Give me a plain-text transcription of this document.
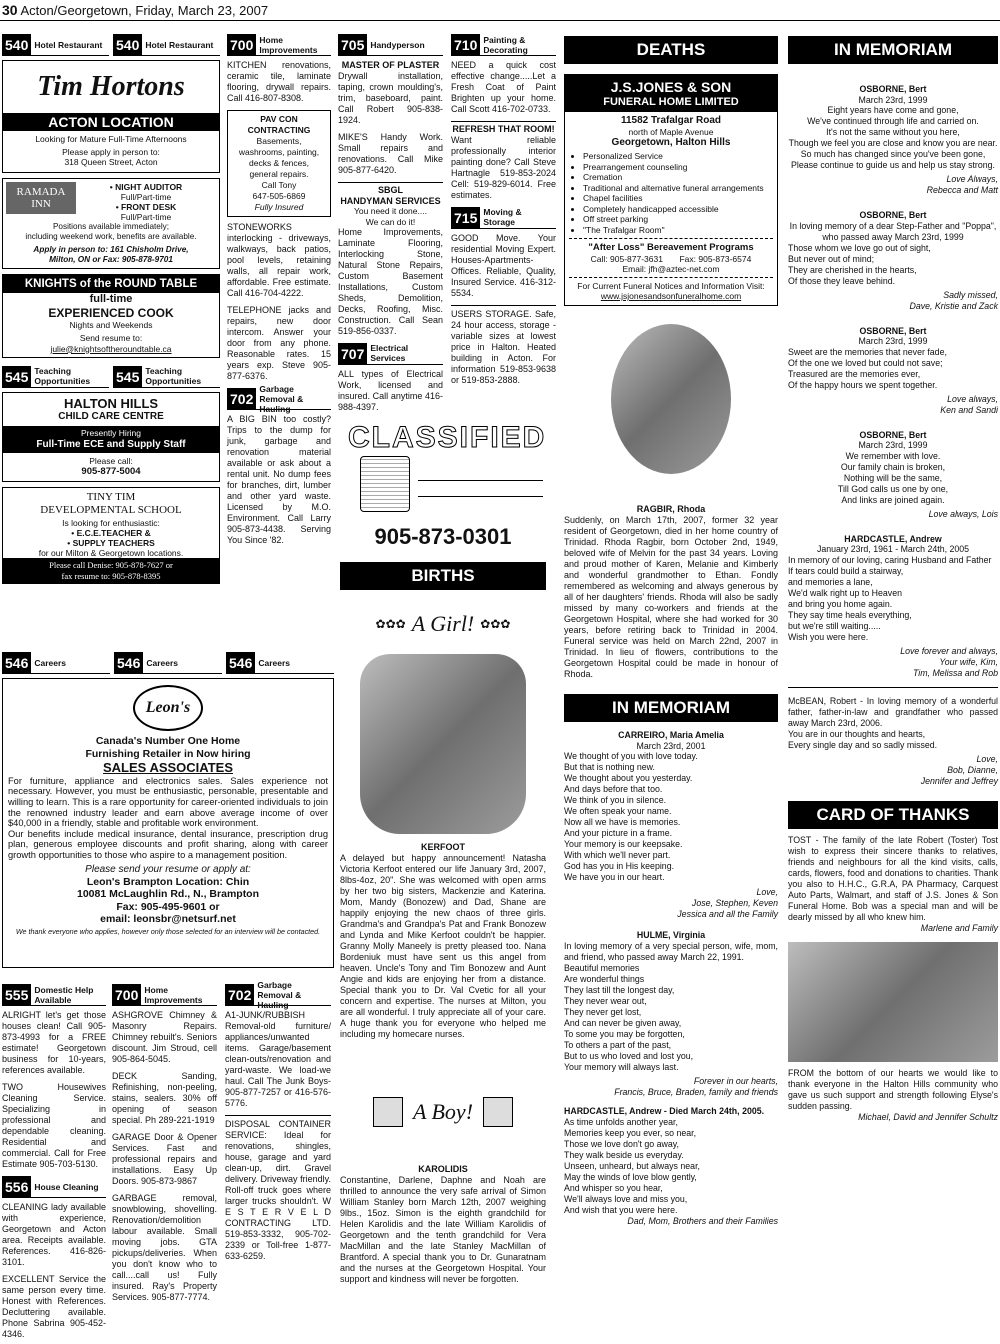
30 Acton/Georgetown, Friday, March 23, 2007
540 Hotel Restaurant 540 Hotel Restaurant
Tim Hortons
ACTON LOCATION
Looking for Mature Full-Time Afternoons
Please apply in person to:
318 Queen Street, Acton
RAMADA INN
• NIGHT AUDITOR
Full/Part-time
• FRONT DESK
Full/Part-time
Positions available immediately;
including weekend work, benefits are available.
Apply in person to: 161 Chisholm Drive,
Milton, ON or Fax: 905-878-9701
KNIGHTS of the ROUND TABLE
full-time
EXPERIENCED COOK
Nights and Weekends
Send resume to:
julie@knightsoftheroundtable.ca
545 Teaching Opportunities	545 Teaching Opportunities
HALTON HILLS
CHILD CARE CENTRE
Presently Hiring
Full-Time ECE and Supply Staff
Please call:
905-877-5004
TINY TIM
DEVELOPMENTAL SCHOOL
Is looking for enthusiastic:
• E.C.E.TEACHER &
• SUPPLY TEACHERS
for our Milton & Georgetown locations.
Please call Denise: 905-878-7627 or
fax resume to: 905-878-8395
700 Home Improvements

KITCHEN renovations, ceramic tile, laminate flooring, drywall repairs. Call 416-807-8308.

PAV CON
CONTRACTING
Basements,
washrooms, painting,
decks & fences,
general repairs.
Call Tony
647-505-6869
Fully Insured

STONEWORKS interlocking - driveways, walkways, back patios, pool levels, retaining walls, all repair work, affordable. Free estimate. Call 416-704-4222.

TELEPHONE jacks and repairs, new door intercom. Answer your door from any phone. Reasonable rates. 15 years exp. Steve 905-877-6376.

702
Garbage Removal & Hauling

A BIG BIN too costly? Trips to the dump for junk, garbage and renovation material available or ask about a rental unit. No dump fees for branches, dirt, lumber and other yard waste. Licensed by M.O. Environment. Call Larry 905-873-4438. Serving You Since '82.

705 Handyperson
MASTER OF PLASTER

Drywall installation, taping, crown moulding's, trim, baseboard, paint. Call Robert 905-838-1924.

MIKE'S Handy Work. Small repairs and renovations. Call Mike 905-877-6420.

SBGL
HANDYMAN SERVICES
You need it done....
We can do it!

Home Improvements, Laminate Flooring, Interlocking Stone, Natural Stone Repairs, Custom Basement Installations, Custom Sheds, Demolition, Decks, Roofing, Misc. Construction. Call Sean 519-856-0337.

707 Electrical Services

ALL types of Electrical Work, licensed and insured. Call anytime 416-988-4397.

710 Painting & Decorating

NEED a quick cost effective change.....Let a Fresh Coat of Paint Brighten up your home. Call Scott 416-702-0733.

REFRESH THAT ROOM!

Want reliable professionally interior painting done? Call Steve Hartnagle 519-853-2024 Cell: 519-829-6014. Free estimates.

715 Moving & Storage

GOOD Move. Your residential Moving Expert. Houses-Apartments- Offices. Reliable, Quality, Insured Service. 416-312-5534.

USERS STORAGE. Safe, 24 hour access, storage - variable sizes at lowest price in Halton. Heated building in Acton. For information 519-853-9638 or 519-853-2888.

CLASSIFIED
905-873-0301
BIRTHS
✿✿✿ A Girl! ✿✿✿
KERFOOT

A delayed but happy announcement! Natasha Victoria Kerfoot entered our life January 3rd, 2007, 8lbs-4oz, 20". She was welcomed with open arms by her two big sisters, Mackenzie and Katerina. Mom, Mandy (Bonozew) and Dad, Shane are happily enjoying the new chaos of three girls. Grandma's and Grandpa's Pat and Frank Bonozew and Lynda and Mike Kerfoot couldn't be happier. Granny Molly Maneely is pretty pleased too. Nana Bordeniuk must have sent us this angel from heaven. Uncle's Tony and Tim Bonozew and Aunt Angie and kids are enjoying her from a distance. Special thank you to Dr. Val Cvetic for all your concern and expertise. The nurses at Milton, you are all wonderful. I truly appreciate all of your care. A huge thank you for everyone who helped me including my homecare nurses.

A Boy!
KAROLIDIS

Constantine, Darlene, Daphne and Noah are thrilled to announce the very safe arrival of Simon William Stanley born March 12th, 2007 weighing 9lbs., 15oz. Simon is the eighth grandchild for Helen Karolidis and the late William Karolidis of Georgetown and the tenth grandchild for Vera MacMillan and the late Stanley MacMillan of Brantford. A special thank you to Dr. Gunaratnam and the nurses at the Georgetown Hospital. Your support and kindness will never be forgotten.

546 Careers	546 Careers	546 Careers
Leon's
Canada's Number One Home
Furnishing Retailer in Now hiring
SALES ASSOCIATES

For furniture, appliance and electronics sales. Sales experience not necessary. However, you must be enthusiastic, personable, presentable and willing to learn. This is a rare opportunity for career-oriented individuals to join the renowned industry leader and earn above average income of over $40,000 in a friendly, stable and profitable work environment.

Our benefits include medical insurance, dental insurance, prescription drug plan, generous employee discounts and profit sharing, along with career growth opportunities to those who aspire to a management position.

Please send your resume or apply at:
Leon's Brampton Location: Chin
10081 McLaughlin Rd., N., Brampton
Fax: 905-495-9601 or
email: leonsbr@netsurf.net
We thank everyone who applies, however only those selected for an interview will be contacted.
555 Domestic Help Available

ALRIGHT let's get those houses clean! Call 905-873-4993 for a FREE estimate! Georgetown business for 10-years, references available.

TWO Housewives Cleaning Service. Specializing in professional and dependable cleaning. Residential and commercial. Call for Free Estimate 905-703-5130.

556 House Cleaning

CLEANING lady available with experience, Georgetown and Acton area. Receipts available. References. 416-826-3101.

EXCELLENT Service the same person every time. Honest with References. Decluttering available. Phone Sabrina 905-452-4346.

700 Home Improvements

ASHGROVE Chimney & Masonry Repairs. Chimney rebuilt's. Seniors discount. Jim Stroud, cell 905-864-5045.

DECK Sanding, Refinishing, non-peeling, stains, sealers. 30% off opening of season special. Ph 289-221-1919

GARAGE Door & Opener Services. Fast and professional repairs and installations. Easy Up Doors. 905-873-9867

GARBAGE removal, snowblowing, shovelling. Renovation/demolition labour available. Small moving jobs. GTA pickups/deliveries. When you don't know who to call....call us! Fully insured. Ray's Property Services. 905-877-7774.

702
Garbage Removal & Hauling

A1-JUNK/RUBBISH Removal-old furniture/ appliances/unwanted items. Garage/basement clean-outs/renovation and yard-waste. We load-we haul. Call The Junk Boys-905-877-7257 or 416-576-5776.

DISPOSAL CONTAINER SERVICE: Ideal for renovations, shingles, house, garage and yard clean-up, dirt. Gravel delivery. Driveway friendly. Roll-off truck goes where larger trucks shouldn't. W E S T E R V E L D CONTRACTING LTD. 519-853-3332, 905-702-2339 or Toll-free 1-877-633-6259.

DEATHS
J.S.JONES & SON
FUNERAL HOME LIMITED
11582 Trafalgar Road
north of Maple Avenue
Georgetown, Halton Hills
• Personalized Service
• Prearrangement counseling
• Cremation
• Traditional and alternative funeral arrangements
• Chapel facilities
• Completely handicapped accessible
• Off street parking
• "The Trafalgar Room"
"After Loss" Bereavement Programs
Call: 905-877-3631       Fax: 905-873-6574
Email: jfh@aztec-net.com
For Current Funeral Notices and Information Visit:
www.jsjonesandsonfuneralhome.com
RAGBIR, Rhoda

Suddenly, on March 17th, 2007, former 32 year resident of Georgetown, died in her home country of Trinidad. Rhoda Ragbir, born October 2nd, 1949, beloved wife of Melvin for the past 34 years. Loving and proud mother of Karen, Melanie and Kimberly and wonderful grandmother to Ethan. Fondly remembered as welcoming and always generous by all of her daughters' friends. Rhoda will also be sadly missed by many co-workers and friends at the Georgetown Hospital, where she had worked for 30 years, before retiring back to Trinidad in 2004. Funeral service was held on March 22nd, 2007 in Trinidad. In lieu of flowers, contributions to the Georgetown Hospital could be made in honour of Rhoda.

IN MEMORIAM
CARREIRO, Maria Amelia
March 23rd, 2001
We thought of you with love today.
But that is nothing new.
We thought about you yesterday.
And days before that too.
We think of you in silence.
We often speak your name.
Now all we have is memories.
And your picture in a frame.
Your memory is our keepsake.
With which we'll never part.
God has you in His keeping.
We have you in our heart.
Love,
Jose, Stephen, Keven
Jessica and all the Family
HULME, Virginia
In loving memory of a very special person, wife, mom, and friend, who passed away March 22, 1991.
Beautiful memories
Are wonderful things
They last till the longest day,
They never wear out,
They never get lost,
And can never be given away,
To some you may be forgotten,
To others a part of the past,
But to us who loved and lost you,
Your memory will always last.
Forever in our hearts,
Francis, Bruce, Braden, family and friends
HARDCASTLE, Andrew - Died March 24th, 2005.
As time unfolds another year,
Memories keep you ever, so near,
Those we love don't go away,
They walk beside us everyday.
Unseen, unheard, but always near,
May the winds of love blow gently,
And whisper so you hear,
We'll always love and miss you,
And wish that you were here.
Dad, Mom, Brothers and their Families
IN MEMORIAM
OSBORNE, Bert
March 23rd, 1999
Eight years have come and gone,
We've continued through life and carried on.
It's not the same without you here,
Though we feel you are close and know you are near.
So much has changed since you've been gone,
Please continue to guide us and help us stay strong.
Love Always,
Rebecca and Matt
OSBORNE, Bert
In loving memory of a dear Step-Father and "Poppa", who passed away March 23rd, 1999
Those whom we love go out of sight,
But never out of mind;
They are cherished in the hearts,
Of those they leave behind.
Sadly missed,
Dave, Kristie and Zack
OSBORNE, Bert
March 23rd, 1999
Sweet are the memories that never fade,
Of the one we loved but could not save;
Treasured are the memories ever,
Of the happy hours we spent together.
Love always,
Ken and Sandi
OSBORNE, Bert
March 23rd, 1999
We remember with love.
Our family chain is broken,
Nothing will be the same,
Till God calls us one by one,
And links are joined again.
Love always, Lois
HARDCASTLE, Andrew
January 23rd, 1961 - March 24th, 2005
In memory of our loving, caring Husband and Father
If tears could build a stairway,
and memories a lane,
We'd walk right up to Heaven
and bring you home again.
They say time heals everything,
but we're still waiting.....
Wish you were here.
Love forever and always,
Your wife, Kim,
Tim, Melissa and Rob
McBEAN, Robert - In loving memory of a wonderful father, father-in-law and grandfather who passed away March 23rd, 2006.
You are in our thoughts and hearts,
Every single day and so sadly missed.
Love,
Bob, Dianne,
Jennifer and Jeffrey
CARD OF THANKS

TOST - The family of the late Robert (Toster) Tost wish to express their sincere thanks to relatives, friends and neighbours for all the kind visits, calls, cards, flowers, food and donations to charities. Thank you also to H.H.C., G.R.A, PA Pharmacy, Carquest Auto Parts, Walmart, and staff of J.S. Jones & Son Funeral Home. Bob was a special man and will be dearly missed by all who knew him.

Marlene and Family

FROM the bottom of our hearts we would like to thank everyone in the Halton Hills community who gave us such support and strength following Elyse's sudden passing.

Michael, David and Jennifer Schultz
